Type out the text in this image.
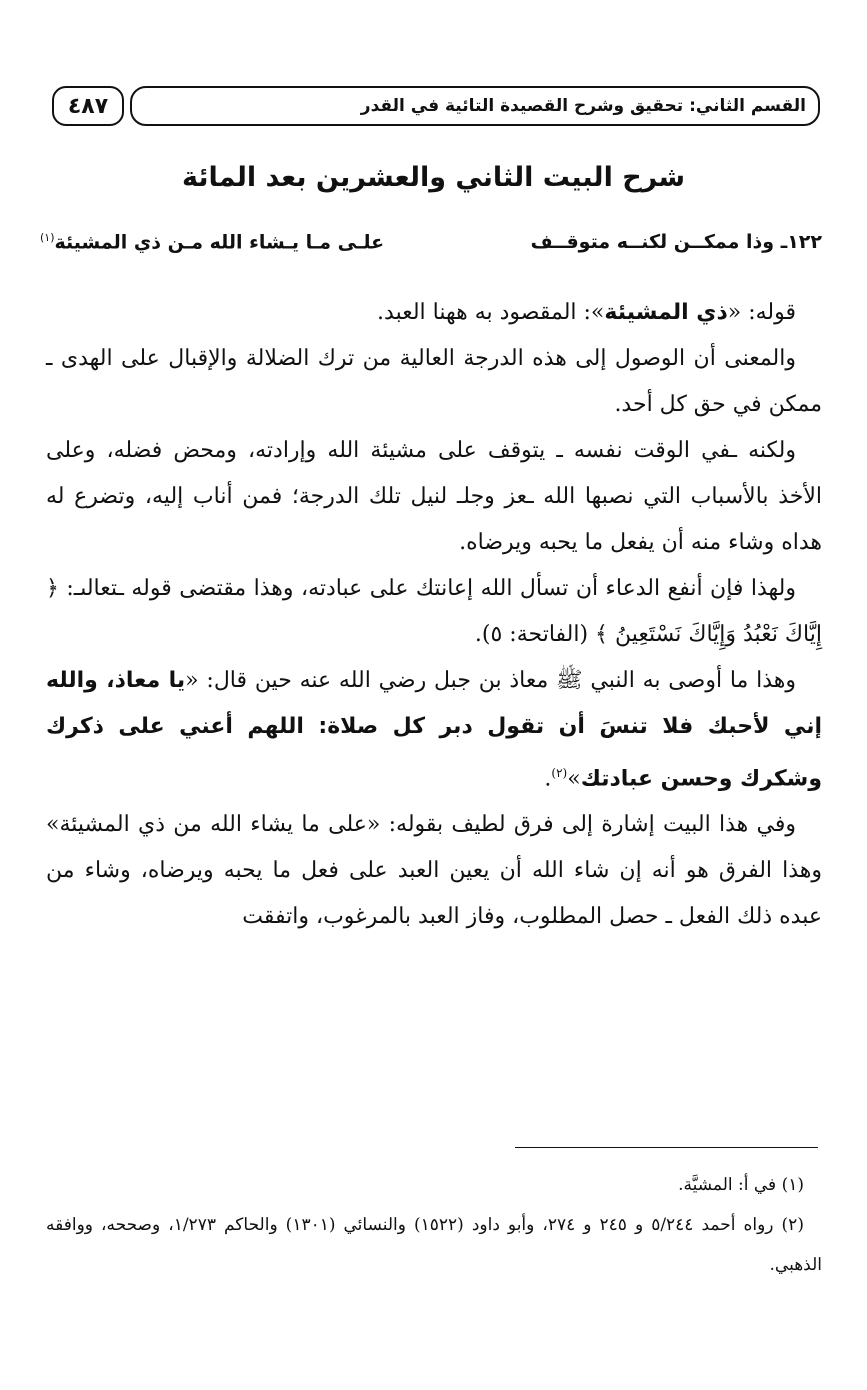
القسم الثاني: تحقيق وشرح القصيدة التائية في القدر
٤٨٧
شرح البيت الثاني والعشرين بعد المائة
١٢٢ـ وذا ممكــن لكنــه متوقــف
علـى مـا يـشاء الله مـن ذي المشيئة$^{(١)}$

قوله: «ذي المشيئة»: المقصود به ههنا العبد.

والمعنى أن الوصول إلى هذه الدرجة العالية من ترك الضلالة والإقبال على الهدى ـ ممكن في حق كل أحد.

ولكنه ـفي الوقت نفسه ـ يتوقف على مشيئة الله وإرادته، ومحض فضله، وعلى الأخذ بالأسباب التي نصبها الله ـعز وجلـ لنيل تلك الدرجة؛ فمن أناب إليه، وتضرع له هداه وشاء منه أن يفعل ما يحبه ويرضاه.

ولهذا فإن أنفع الدعاء أن تسأل الله إعانتك على عبادته، وهذا مقتضى قوله ـتعالىـ: ﴿ إِيَّاكَ نَعْبُدُ وَإِيَّاكَ نَسْتَعِينُ ﴾ (الفاتحة: ٥).

وهذا ما أوصى به النبي ﷺ معاذ بن جبل رضي الله عنه حين قال: «يا معاذ، والله إني لأحبك فلا تنسَ أن تقول دبر كل صلاة: اللهم أعني على ذكرك وشكرك وحسن عبادتك»$^{(٢)}$.

وفي هذا البيت إشارة إلى فرق لطيف بقوله: «على ما يشاء الله من ذي المشيئة» وهذا الفرق هو أنه إن شاء الله أن يعين العبد على فعل ما يحبه ويرضاه، وشاء من عبده ذلك الفعل ـ حصل المطلوب، وفاز العبد بالمرغوب، واتفقت

(١) في أ: المشيَّة.

(٢) رواه أحمد ٥/٢٤٤ و ٢٤٥ و ٢٧٤، وأبو داود (١٥٢٢) والنسائي (١٣٠١) والحاكم ١/٢٧٣، وصححه، ووافقه الذهبي.
